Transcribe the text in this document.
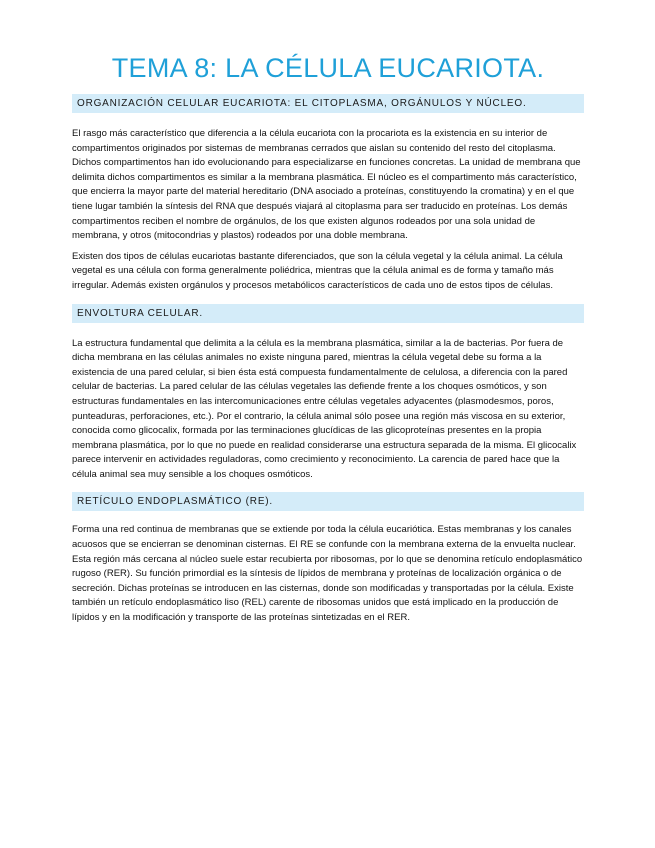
TEMA 8: LA CÉLULA EUCARIOTA.
ORGANIZACIÓN CELULAR EUCARIOTA: EL CITOPLASMA, ORGÁNULOS Y NÚCLEO.

El rasgo más característico que diferencia a la célula eucariota con la procariota es la existencia en su interior de compartimentos originados por sistemas de membranas cerrados que aislan su contenido del resto del citoplasma. Dichos compartimentos han ido evolucionando para especializarse en funciones concretas. La unidad de membrana que delimita dichos compartimentos es similar a la membrana plasmática. El núcleo es el compartimento más característico, que encierra la mayor parte del material hereditario (DNA asociado a proteínas, constituyendo la cromatina) y en el que tiene lugar también la síntesis del RNA que después viajará al citoplasma para ser traducido en proteínas. Los demás compartimentos reciben el nombre de orgánulos, de los que existen algunos rodeados por una sola unidad de membrana, y otros (mitocondrias y plastos) rodeados por una doble membrana.

Existen dos tipos de células eucariotas bastante diferenciados, que son la célula vegetal y la célula animal. La célula vegetal es una célula con forma generalmente poliédrica, mientras que la célula animal es de forma y tamaño más irregular. Además existen orgánulos y procesos metabólicos característicos de cada uno de estos tipos de células.

ENVOLTURA CELULAR.

La estructura fundamental que delimita a la célula es la membrana plasmática, similar a la de bacterias. Por fuera de dicha membrana en las células animales no existe ninguna pared, mientras la célula vegetal debe su forma a la existencia de una pared celular, si bien ésta está compuesta fundamentalmente de celulosa, a diferencia con la pared celular de bacterias. La pared celular de las células vegetales las defiende frente a los choques osmóticos, y son estructuras fundamentales en las intercomunicaciones entre células vegetales adyacentes (plasmodesmos, poros, punteaduras, perforaciones, etc.). Por el contrario, la célula animal sólo posee una región más viscosa en su exterior, conocida como glicocalix, formada por las terminaciones glucídicas de las glicoproteínas presentes en la propia membrana plasmática, por lo que no puede en realidad considerarse una estructura separada de la misma. El glicocalix parece intervenir en actividades reguladoras, como crecimiento y reconocimiento. La carencia de pared hace que la célula animal sea muy sensible a los choques osmóticos.

RETÍCULO ENDOPLASMÁTICO (RE).

Forma una red continua de membranas que se extiende por toda la célula eucariótica. Estas membranas y los canales acuosos que se encierran se denominan cisternas. El RE se confunde con la membrana externa de la envuelta nuclear. Esta región más cercana al núcleo suele estar recubierta por ribosomas, por lo que se denomina retículo endoplasmático rugoso (RER). Su función primordial es la síntesis de lípidos de membrana y proteínas de localización orgánica o de secreción. Dichas proteínas se introducen en las cisternas, donde son modificadas y transportadas por la célula. Existe también un retículo endoplasmático liso (REL) carente de ribosomas unidos que está implicado en la producción de lípidos y en la modificación y transporte de las proteínas sintetizadas en el RER.
